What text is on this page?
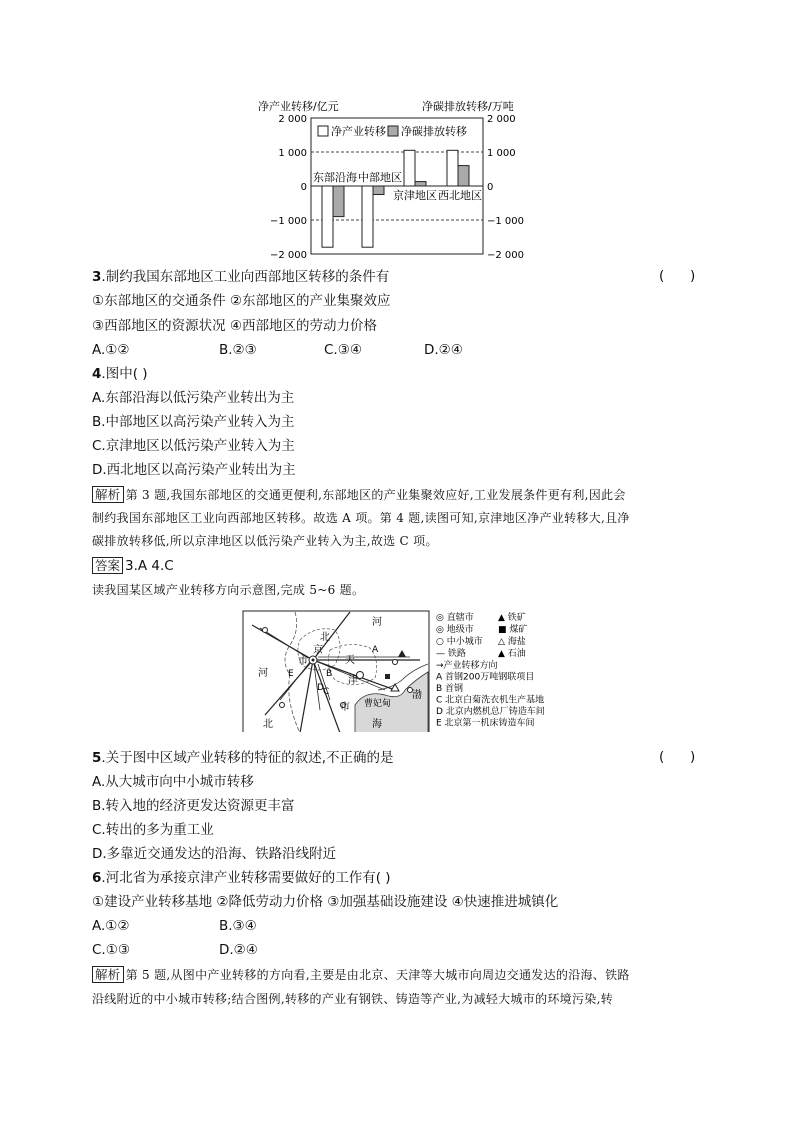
净产业转移/亿元	净碳排放转移/万吨
2 000	2 000
1 000	1 000
0	0
−1 000	−1 000
−2 000	−2 000
净产业转移 净碳排放转移
东部沿海 中部地区
京津地区 西北地区
3.制约我国东部地区工业向西部地区转移的条件有	(      )
①东部地区的交通条件 ②东部地区的产业集聚效应
③西部地区的资源状况 ④西部地区的劳动力价格
A.①②	B.②③	C.③④	D.②④
4.图中( )
A.东部沿海以低污染产业转出为主
B.中部地区以高污染产业转入为主
C.京津地区以低污染产业转入为主
D.西北地区以高污染产业转出为主
解析 第 3 题,我国东部地区的交通更便利,东部地区的产业集聚效应好,工业发展条件更有利,因此会
制约我国东部地区工业向西部地区转移。故选 A 项。第 4 题,读图可知,京津地区净产业转移大,且净
碳排放转移低,所以京津地区以低污染产业转入为主,故选 C 项。
答案 3.A 4.C
读我国某区域产业转移方向示意图,完成 5~6 题。
河
北
京
市	天
津
市
河
北
渤
海
曹妃甸
A
B
C
D
E
◎ 直辖市	▲ 铁矿
◎ 地级市	■ 煤矿
○ 中小城市 △ 海盐
— 铁路	▲ 石油
→产业转移方向
A 首钢200万吨钢联项目
B 首钢
C 北京白菊洗衣机生产基地
D 北京内燃机总厂铸造车间
E 北京第一机床铸造车间
5.关于图中区域产业转移的特征的叙述,不正确的是	(      )
A.从大城市向中小城市转移
B.转入地的经济更发达资源更丰富
C.转出的多为重工业
D.多靠近交通发达的沿海、铁路沿线附近
6.河北省为承接京津产业转移需要做好的工作有( )
①建设产业转移基地 ②降低劳动力价格 ③加强基础设施建设 ④快速推进城镇化
A.①②	B.③④
C.①③	D.②④
解析 第 5 题,从图中产业转移的方向看,主要是由北京、天津等大城市向周边交通发达的沿海、铁路
沿线附近的中小城市转移;结合图例,转移的产业有钢铁、铸造等产业,为减轻大城市的环境污染,转
